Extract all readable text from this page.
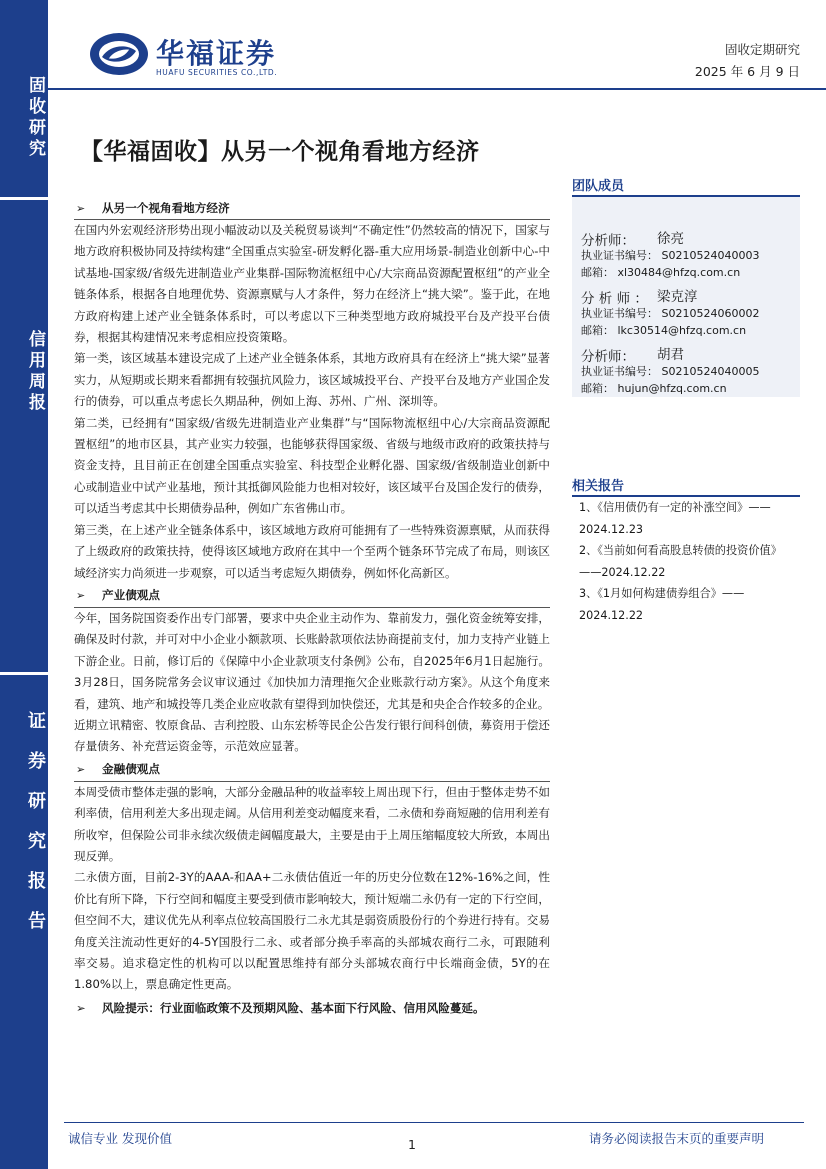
固收研究
信用周报
证券研究报告
华福证券
HUAFU SECURITIES CO.,LTD.
固收定期研究
2025 年 6 月 9 日
【华福固收】从另一个视角看地方经济
➢ 从另一个视角看地方经济

在国内外宏观经济形势出现小幅波动以及关税贸易谈判“不确定性”仍然较高的情况下，国家与地方政府积极协同及持续构建“全国重点实验室-研发孵化器-重大应用场景-制造业创新中心-中试基地-国家级/省级先进制造业产业集群-国际物流枢纽中心/大宗商品资源配置枢纽”的产业全链条体系，根据各自地理优势、资源禀赋与人才条件，努力在经济上“挑大梁”。鉴于此，在地方政府构建上述产业全链条体系时，可以考虑以下三种类型地方政府城投平台及产投平台债券，根据其构建情况来考虑相应投资策略。

第一类，该区域基本建设完成了上述产业全链条体系，其地方政府具有在经济上“挑大梁”显著实力，从短期或长期来看都拥有较强抗风险力，该区域城投平台、产投平台及地方产业国企发行的债券，可以重点考虑长久期品种，例如上海、苏州、广州、深圳等。

第二类，已经拥有“国家级/省级先进制造业产业集群”与“国际物流枢纽中心/大宗商品资源配置枢纽”的地市区县，其产业实力较强，也能够获得国家级、省级与地级市政府的政策扶持与资金支持，且目前正在创建全国重点实验室、科技型企业孵化器、国家级/省级制造业创新中心或制造业中试产业基地，预计其抵御风险能力也相对较好，该区域平台及国企发行的债券，可以适当考虑其中长期债券品种，例如广东省佛山市。

第三类，在上述产业全链条体系中，该区域地方政府可能拥有了一些特殊资源禀赋，从而获得了上级政府的政策扶持，使得该区域地方政府在其中一个至两个链条环节完成了布局，则该区域经济实力尚须进一步观察，可以适当考虑短久期债券，例如怀化高新区。

➢ 产业债观点

今年，国务院国资委作出专门部署，要求中央企业主动作为、靠前发力，强化资金统筹安排，确保及时付款，并可对中小企业小额款项、长账龄款项依法协商提前支付，加力支持产业链上下游企业。日前，修订后的《保障中小企业款项支付条例》公布，自2025年6月1日起施行。3月28日，国务院常务会议审议通过《加快加力清理拖欠企业账款行动方案》。从这个角度来看，建筑、地产和城投等几类企业应收款有望得到加快偿还，尤其是和央企合作较多的企业。

近期立讯精密、牧原食品、吉利控股、山东宏桥等民企公告发行银行间科创债，募资用于偿还存量债务、补充营运资金等，示范效应显著。

➢ 金融债观点

本周受债市整体走强的影响，大部分金融品种的收益率较上周出现下行，但由于整体走势不如利率债，信用利差大多出现走阔。从信用利差变动幅度来看，二永债和券商短融的信用利差有所收窄，但保险公司非永续次级债走阔幅度最大，主要是由于上周压缩幅度较大所致，本周出现反弹。

二永债方面，目前2-3Y的AAA-和AA+二永债估值近一年的历史分位数在12%-16%之间，性价比有所下降，下行空间和幅度主要受到债市影响较大，预计短端二永仍有一定的下行空间，但空间不大，建议优先从利率点位较高国股行二永尤其是弱资质股份行的个券进行持有。交易角度关注流动性更好的4-5Y国股行二永、或者部分换手率高的头部城农商行二永，可跟随利率交易。追求稳定性的机构可以以配置思维持有部分头部城农商行中长端商金债，5Y的在1.80%以上，票息确定性更高。

➢ 风险提示：行业面临政策不及预期风险、基本面下行风险、信用风险蔓延。
团队成员
分析师： 徐亮
执业证书编号： S0210524040003
邮箱： xl30484@hfzq.com.cn
分 析 师 ： 梁克淳
执业证书编号： S0210524060002
邮箱： lkc30514@hfzq.com.cn
分析师： 胡君
执业证书编号： S0210524040005
邮箱： hujun@hfzq.com.cn
相关报告
1、《信用债仍有一定的补涨空间》—— 2024.12.23
2、《当前如何看高股息转债的投资价值》——2024.12.22
3、《1月如何构建债券组合》—— 2024.12.22
诚信专业 发现价值	1	请务必阅读报告末页的重要声明
